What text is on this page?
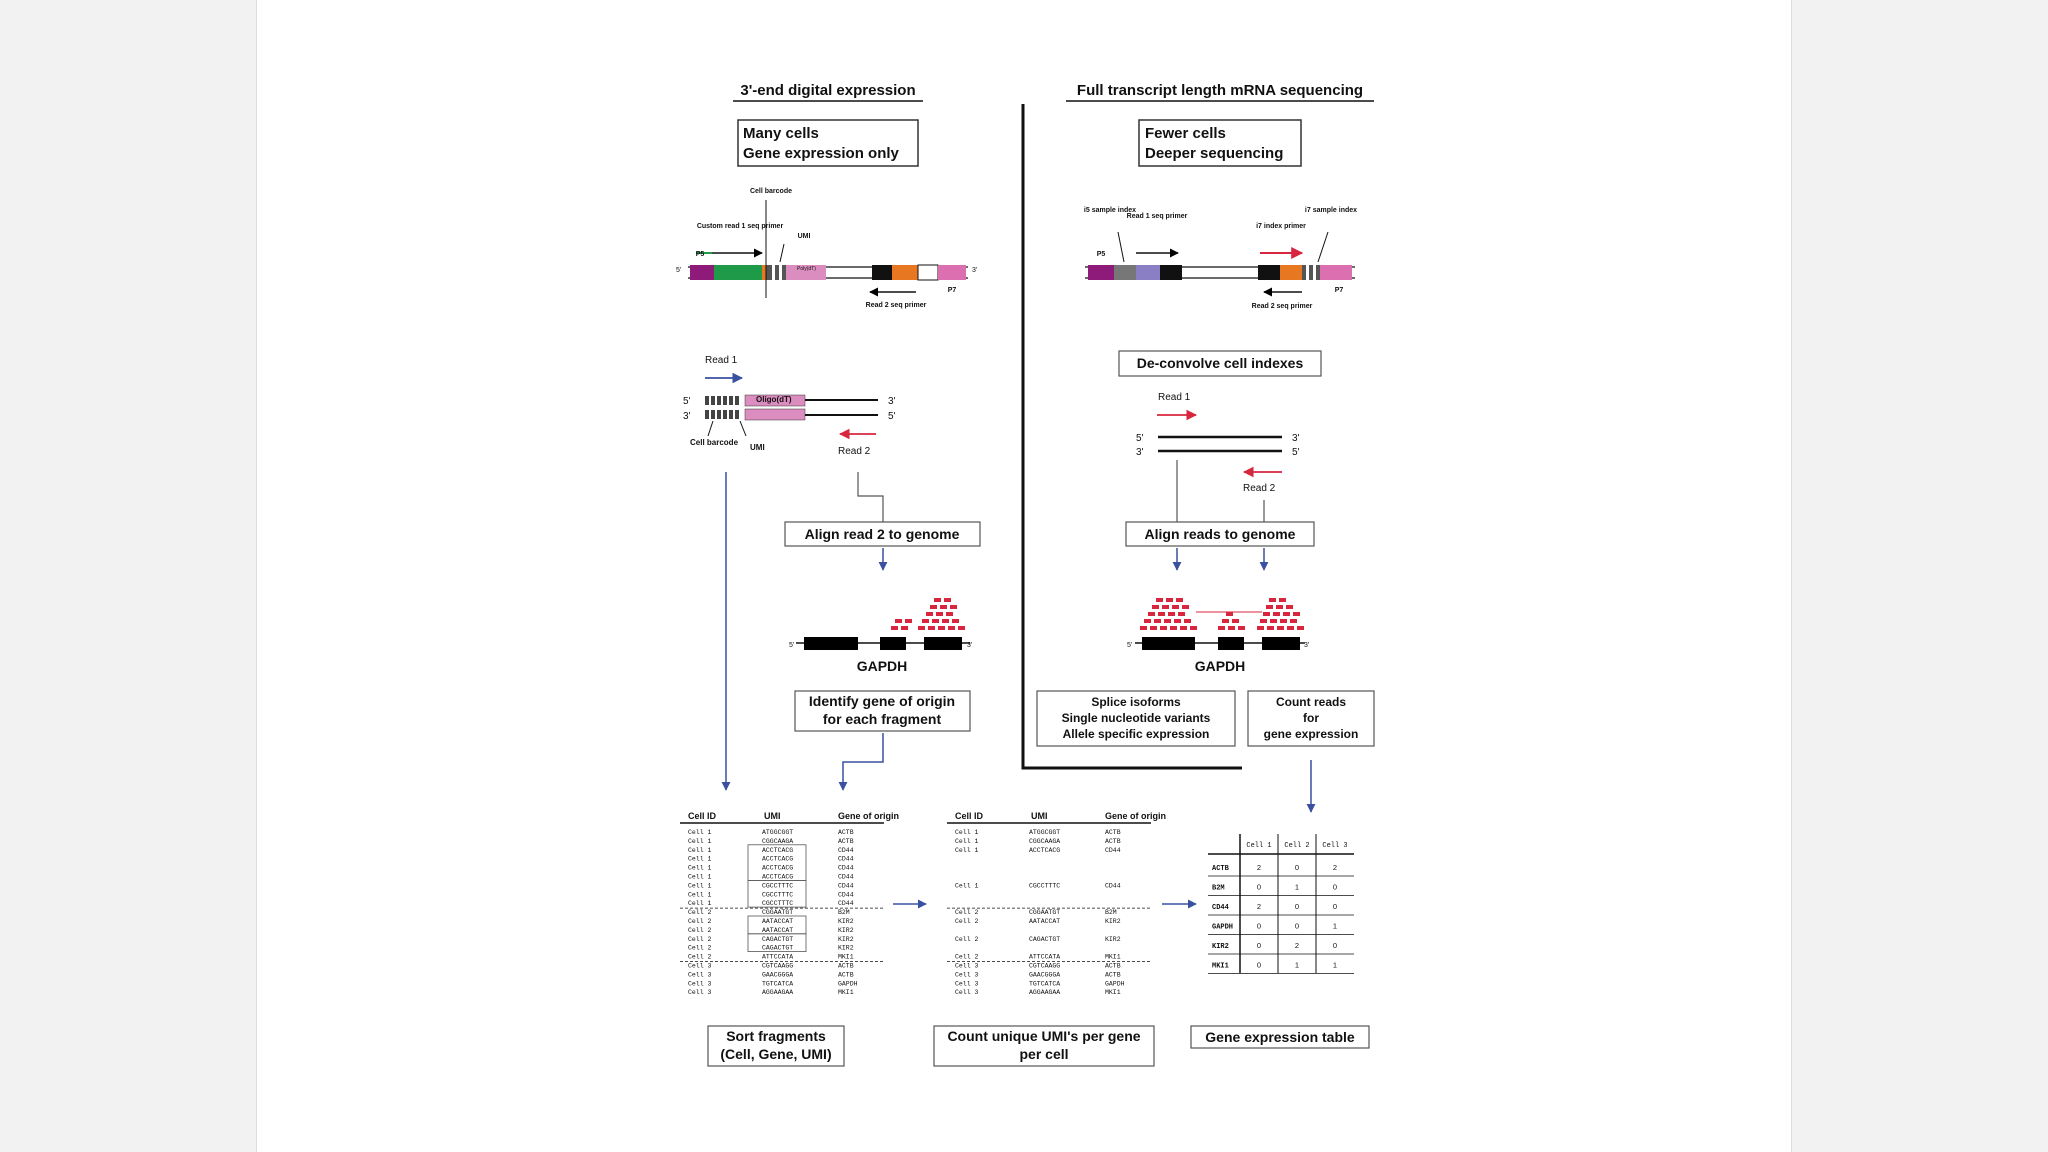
3'-end digital expression	Full transcript length mRNA sequencing
Many cells
Gene expression only
Fewer cells
Deeper sequencing
Poly(dT)
Cell barcode
Custom read 1 seq primer
UMI
P5
P7
Read 2 seq primer
5'	3'
i5 sample index
Read 1 seq primer
i7 index primer
i7 sample index
P5
P7
Read 2 seq primer
Read 1
5'
3'
3'
5'
Oligo(dT)
Cell barcode
UMI	Read 2
Align read 2 to genome
5'	3'
GAPDH
Identify gene of origin
for each fragment
De-convolve cell indexes
Read 1
5'
3'
3'
5'
Read 2
Align reads to genome
5'	3'
GAPDH
Splice isoforms
Single nucleotide variants
Allele specific expression
Count reads
for
gene expression
Cell ID	UMI	Gene of origin
Cell 1	ATGGCGGT	ACTB
Cell 1	CGGCAAGA	ACTB
Cell 1	ACCTCACG	CD44
Cell 1	ACCTCACG	CD44
Cell 1	ACCTCACG	CD44
Cell 1	ACCTCACG	CD44
Cell 1	CGCCTTTC	CD44
Cell 1	CGCCTTTC	CD44
Cell 1	CGCCTTTC	CD44
Cell 2	CGGAATGT	B2M
Cell 2	AATACCAT	KIR2
Cell 2	AATACCAT	KIR2
Cell 2	CAGACTGT	KIR2
Cell 2	CAGACTGT	KIR2
Cell 2	ATTCCATA	MKI1
Cell 3	CGTCAAGG	ACTB
Cell 3	GAACGGGA	ACTB
Cell 3	TGTCATCA	GAPDH
Cell 3	AGGAAGAA	MKI1
Cell ID	UMI	Gene of origin
Cell 1	ATGGCGGT	ACTB
Cell 1	CGGCAAGA	ACTB
Cell 1	ACCTCACG	CD44
Cell 1	CGCCTTTC	CD44
Cell 2	CGGAATGT	B2M
Cell 2	AATACCAT	KIR2
Cell 2	CAGACTGT	KIR2
Cell 2	ATTCCATA	MKI1
Cell 3	CGTCAAGG	ACTB
Cell 3	GAACGGGA	ACTB
Cell 3	TGTCATCA	GAPDH
Cell 3	AGGAAGAA	MKI1
Cell 1 Cell 2 Cell 3
ACTB	2	0	2
B2M	0	1	0
CD44	2	0	0
GAPDH	0	0	1
KIR2	0	2	0
MKI1	0	1	1
Sort fragments
(Cell, Gene, UMI)
Count unique UMI's per gene
per cell
Gene expression table
